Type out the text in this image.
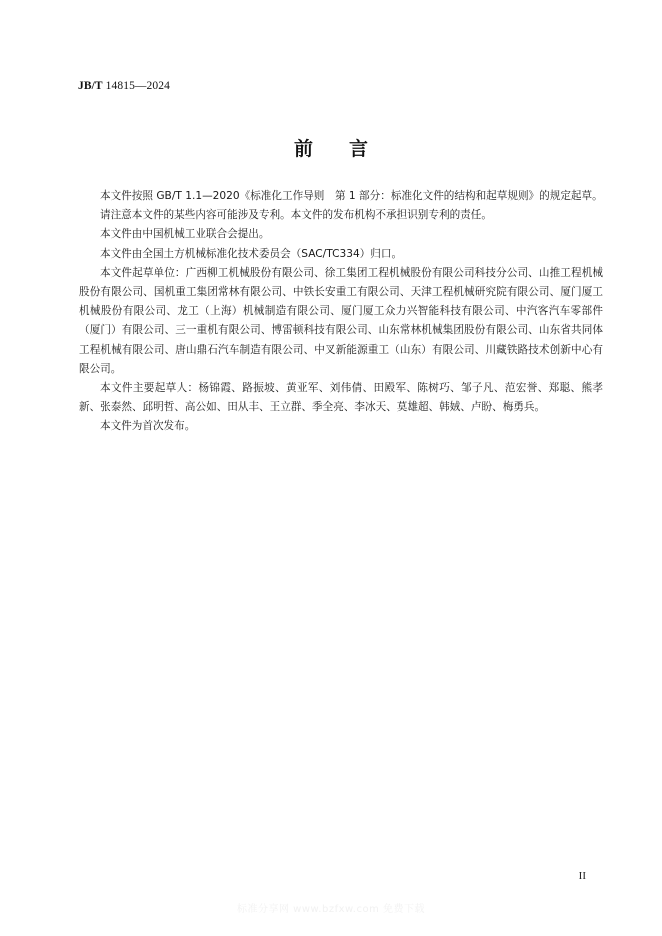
JB/T 14815—2024
前言

本文件按照 GB/T 1.1—2020《标准化工作导则　第 1 部分：标准化文件的结构和起草规则》的规定起草。

请注意本文件的某些内容可能涉及专利。本文件的发布机构不承担识别专利的责任。

本文件由中国机械工业联合会提出。

本文件由全国土方机械标准化技术委员会（SAC/TC334）归口。

本文件起草单位：广西柳工机械股份有限公司、徐工集团工程机械股份有限公司科技分公司、山推工程机械股份有限公司、国机重工集团常林有限公司、中铁长安重工有限公司、天津工程机械研究院有限公司、厦门厦工机械股份有限公司、龙工（上海）机械制造有限公司、厦门厦工众力兴智能科技有限公司、中汽客汽车零部件（厦门）有限公司、三一重机有限公司、博雷顿科技有限公司、山东常林机械集团股份有限公司、山东省共同体工程机械有限公司、唐山鼎石汽车制造有限公司、中叉新能源重工（山东）有限公司、川藏铁路技术创新中心有限公司。

本文件主要起草人：杨锦霞、路振坡、黄亚军、刘伟倩、田殿军、陈树巧、邹子凡、范宏誉、郑聪、熊孝新、张泰然、邱明哲、高公如、田从丰、王立群、季全亮、李冰天、莫雄超、韩娀、卢盼、梅勇兵。

本文件为首次发布。

II
标准分享网 www.bzfxw.com 免费下载
